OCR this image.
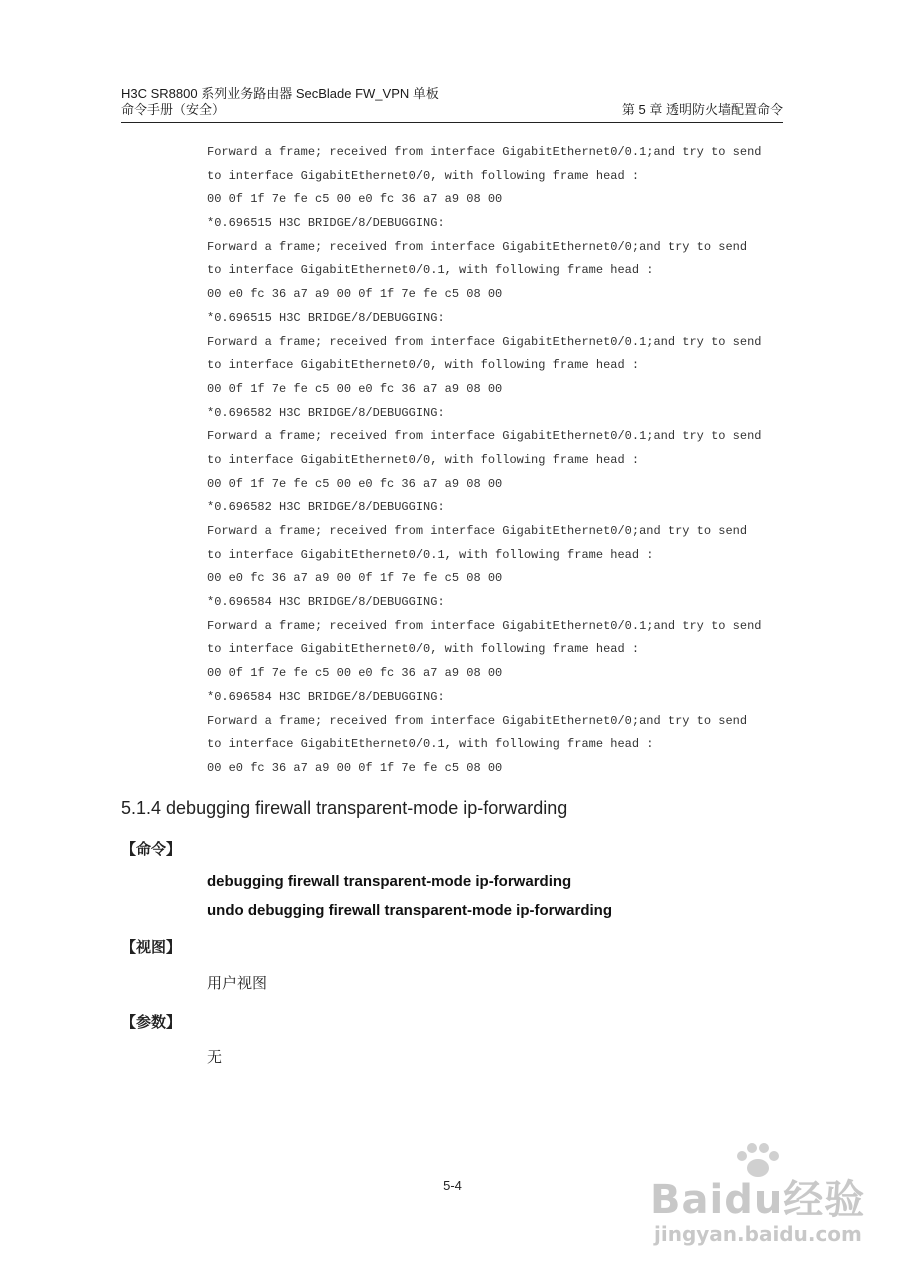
H3C SR8800 系列业务路由器 SecBlade FW_VPN 单板
命令手册（安全）	第 5 章 透明防火墙配置命令
Forward a frame; received from interface GigabitEthernet0/0.1;and try to send
to interface GigabitEthernet0/0, with following frame head :
00 0f 1f 7e fe c5 00 e0 fc 36 a7 a9 08 00
*0.696515 H3C BRIDGE/8/DEBUGGING:
Forward a frame; received from interface GigabitEthernet0/0;and try to send
to interface GigabitEthernet0/0.1, with following frame head :
00 e0 fc 36 a7 a9 00 0f 1f 7e fe c5 08 00
*0.696515 H3C BRIDGE/8/DEBUGGING:
Forward a frame; received from interface GigabitEthernet0/0.1;and try to send
to interface GigabitEthernet0/0, with following frame head :
00 0f 1f 7e fe c5 00 e0 fc 36 a7 a9 08 00
*0.696582 H3C BRIDGE/8/DEBUGGING:
Forward a frame; received from interface GigabitEthernet0/0.1;and try to send
to interface GigabitEthernet0/0, with following frame head :
00 0f 1f 7e fe c5 00 e0 fc 36 a7 a9 08 00
*0.696582 H3C BRIDGE/8/DEBUGGING:
Forward a frame; received from interface GigabitEthernet0/0;and try to send
to interface GigabitEthernet0/0.1, with following frame head :
00 e0 fc 36 a7 a9 00 0f 1f 7e fe c5 08 00
*0.696584 H3C BRIDGE/8/DEBUGGING:
Forward a frame; received from interface GigabitEthernet0/0.1;and try to send
to interface GigabitEthernet0/0, with following frame head :
00 0f 1f 7e fe c5 00 e0 fc 36 a7 a9 08 00
*0.696584 H3C BRIDGE/8/DEBUGGING:
Forward a frame; received from interface GigabitEthernet0/0;and try to send
to interface GigabitEthernet0/0.1, with following frame head :
00 e0 fc 36 a7 a9 00 0f 1f 7e fe c5 08 00
5.1.4 debugging firewall transparent-mode ip-forwarding
【命令】
debugging firewall transparent-mode ip-forwarding
undo debugging firewall transparent-mode ip-forwarding
【视图】
用户视图
【参数】
无
5-4	Baidu经验
jingyan.baidu.com
